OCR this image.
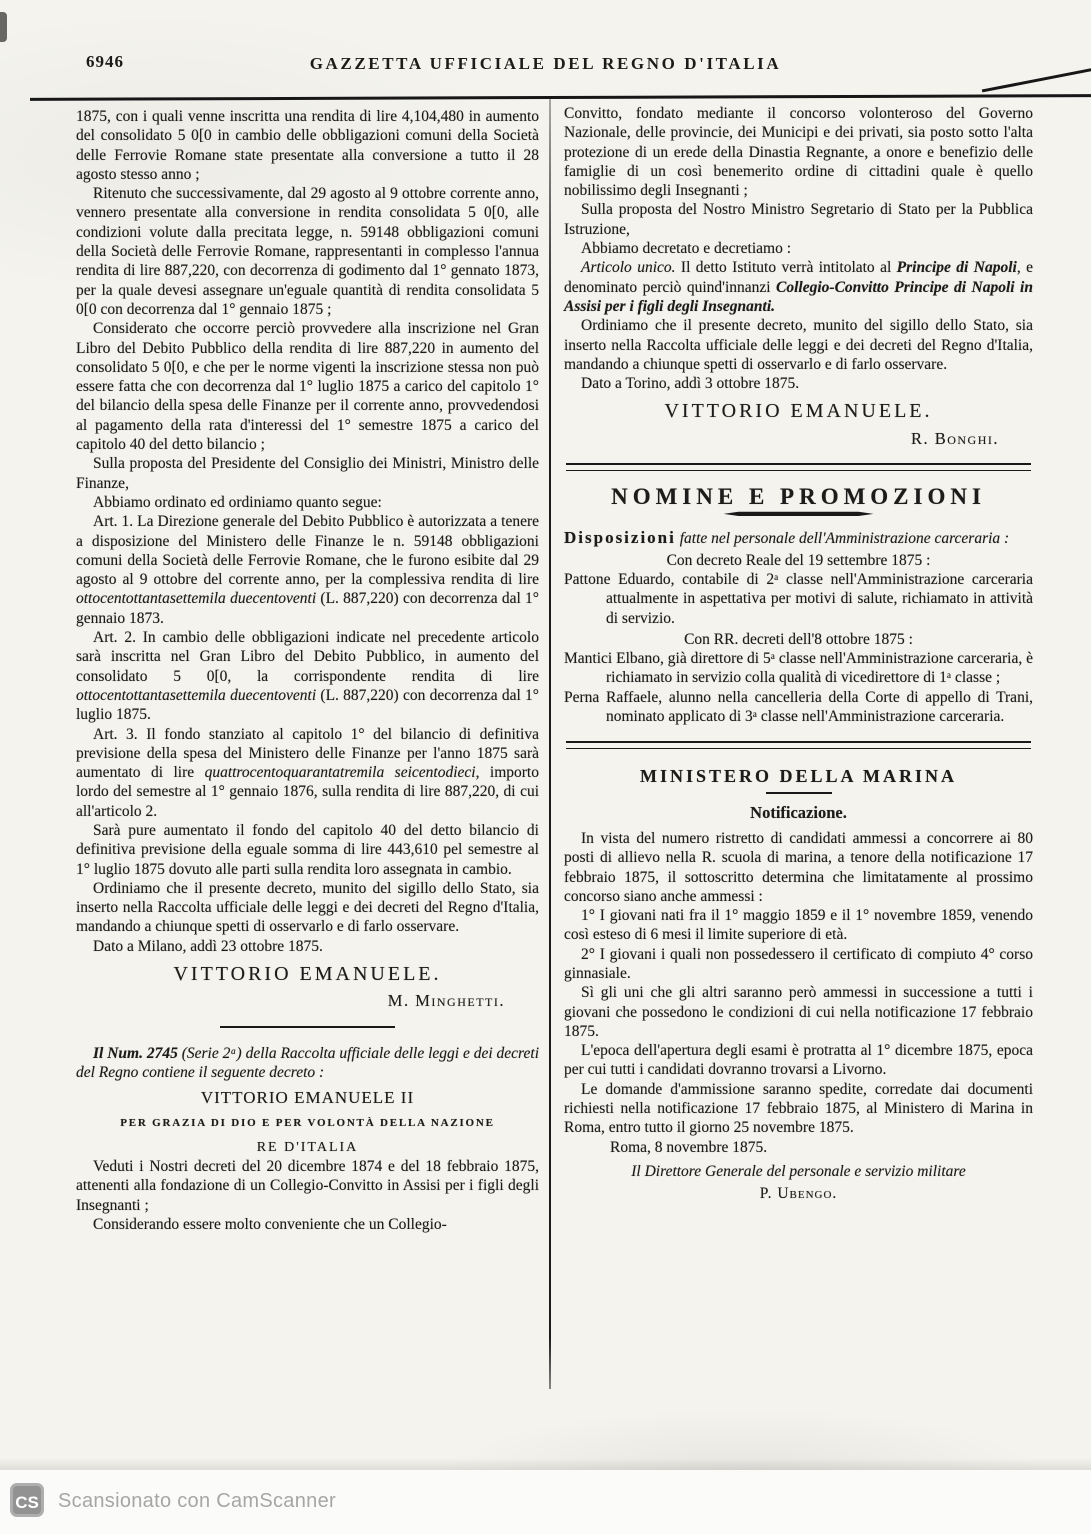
6946	GAZZETTA UFFICIALE DEL REGNO D'ITALIA

1875, con i quali venne inscritta una rendita di lire 4,104,480 in aumento del consolidato 5 0[0 in cambio delle obbligazioni comuni della Società delle Ferrovie Romane state presentate alla conversione a tutto il 28 agosto stesso anno ;

Ritenuto che successivamente, dal 29 agosto al 9 ottobre corrente anno, vennero presentate alla conversione in rendita consolidata 5 0[0, alle condizioni volute dalla precitata legge, n. 59148 obbligazioni comuni della Società delle Ferrovie Romane, rappresentanti in complesso l'annua rendita di lire 887,220, con decorrenza di godimento dal 1° gennato 1873, per la quale devesi assegnare un'eguale quantità di rendita consolidata 5 0[0 con decorrenza dal 1° gennaio 1875 ;

Considerato che occorre perciò provvedere alla inscrizione nel Gran Libro del Debito Pubblico della rendita di lire 887,220 in aumento del consolidato 5 0[0, e che per le norme vigenti la inscrizione stessa non può essere fatta che con decorrenza dal 1° luglio 1875 a carico del capitolo 1° del bilancio della spesa delle Finanze per il corrente anno, provvedendosi al pagamento della rata d'interessi del 1° semestre 1875 a carico del capitolo 40 del detto bilancio ;

Sulla proposta del Presidente del Consiglio dei Ministri, Ministro delle Finanze,

Abbiamo ordinato ed ordiniamo quanto segue:

Art. 1. La Direzione generale del Debito Pubblico è autorizzata a tenere a disposizione del Ministero delle Finanze le n. 59148 obbligazioni comuni della Società delle Ferrovie Romane, che le furono esibite dal 29 agosto al 9 ottobre del corrente anno, per la complessiva rendita di lire ottocentottantasettemila duecentoventi (L. 887,220) con decorrenza dal 1° gennaio 1873.

Art. 2. In cambio delle obbligazioni indicate nel precedente articolo sarà inscritta nel Gran Libro del Debito Pubblico, in aumento del consolidato 5 0[0, la corrispondente rendita di lire ottocentottantasettemila duecentoventi (L. 887,220) con decorrenza dal 1° luglio 1875.

Art. 3. Il fondo stanziato al capitolo 1° del bilancio di definitiva previsione della spesa del Ministero delle Finanze per l'anno 1875 sarà aumentato di lire quattrocentoquarantatremila seicentodieci, importo lordo del semestre al 1° gennaio 1876, sulla rendita di lire 887,220, di cui all'articolo 2.

Sarà pure aumentato il fondo del capitolo 40 del detto bilancio di definitiva previsione della eguale somma di lire 443,610 pel semestre al 1° luglio 1875 dovuto alle parti sulla rendita loro assegnata in cambio.

Ordiniamo che il presente decreto, munito del sigillo dello Stato, sia inserto nella Raccolta ufficiale delle leggi e dei decreti del Regno d'Italia, mandando a chiunque spetti di osservarlo e di farlo osservare.

Dato a Milano, addì 23 ottobre 1875.

VITTORIO EMANUELE.

M. Minghetti.

Il Num. 2745 (Serie 2ᵃ) della Raccolta ufficiale delle leggi e dei decreti del Regno contiene il seguente decreto :

VITTORIO EMANUELE II

PER GRAZIA DI DIO E PER VOLONTÀ DELLA NAZIONE

RE D'ITALIA

Veduti i Nostri decreti del 20 dicembre 1874 e del 18 febbraio 1875, attenenti alla fondazione di un Collegio-Convitto in Assisi per i figli degli Insegnanti ;

Considerando essere molto conveniente che un Collegio-

Convitto, fondato mediante il concorso volonteroso del Governo Nazionale, delle provincie, dei Municipi e dei privati, sia posto sotto l'alta protezione di un erede della Dinastia Regnante, a onore e benefizio delle famiglie di un così benemerito ordine di cittadini quale è quello nobilissimo degli Insegnanti ;

Sulla proposta del Nostro Ministro Segretario di Stato per la Pubblica Istruzione,

Abbiamo decretato e decretiamo :

Articolo unico. Il detto Istituto verrà intitolato al Principe di Napoli, e denominato perciò quind'innanzi Collegio-Convitto Principe di Napoli in Assisi per i figli degli Insegnanti.

Ordiniamo che il presente decreto, munito del sigillo dello Stato, sia inserto nella Raccolta ufficiale delle leggi e dei decreti del Regno d'Italia, mandando a chiunque spetti di osservarlo e di farlo osservare.

Dato a Torino, addì 3 ottobre 1875.

VITTORIO EMANUELE.

R. Bonghi.

NOMINE E PROMOZIONI

Disposizioni fatte nel personale dell'Amministrazione carceraria :

Con decreto Reale del 19 settembre 1875 :

Pattone Eduardo, contabile di 2ᵃ classe nell'Amministrazione carceraria attualmente in aspettativa per motivi di salute, richiamato in attività di servizio.

Con RR. decreti dell'8 ottobre 1875 :

Mantici Elbano, già direttore di 5ᵃ classe nell'Amministrazione carceraria, è richiamato in servizio colla qualità di vicedirettore di 1ᵃ classe ;

Perna Raffaele, alunno nella cancelleria della Corte di appello di Trani, nominato applicato di 3ᵃ classe nell'Amministrazione carceraria.

MINISTERO DELLA MARINA

Notificazione.

In vista del numero ristretto di candidati ammessi a concorrere ai 80 posti di allievo nella R. scuola di marina, a tenore della notificazione 17 febbraio 1875, il sottoscritto determina che limitatamente al prossimo concorso siano anche ammessi :

1° I giovani nati fra il 1° maggio 1859 e il 1° novembre 1859, venendo così esteso di 6 mesi il limite superiore di età.

2° I giovani i quali non possedessero il certificato di compiuto 4° corso ginnasiale.

Sì gli uni che gli altri saranno però ammessi in successione a tutti i giovani che possedono le condizioni di cui nella notificazione 17 febbraio 1875.

L'epoca dell'apertura degli esami è protratta al 1° dicembre 1875, epoca per cui tutti i candidati dovranno trovarsi a Livorno.

Le domande d'ammissione saranno spedite, corredate dai documenti richiesti nella notificazione 17 febbraio 1875, al Ministero di Marina in Roma, entro tutto il giorno 25 novembre 1875.

Roma, 8 novembre 1875.

Il Direttore Generale del personale e servizio militare

P. Ubengo.

CS Scansionato con CamScanner
